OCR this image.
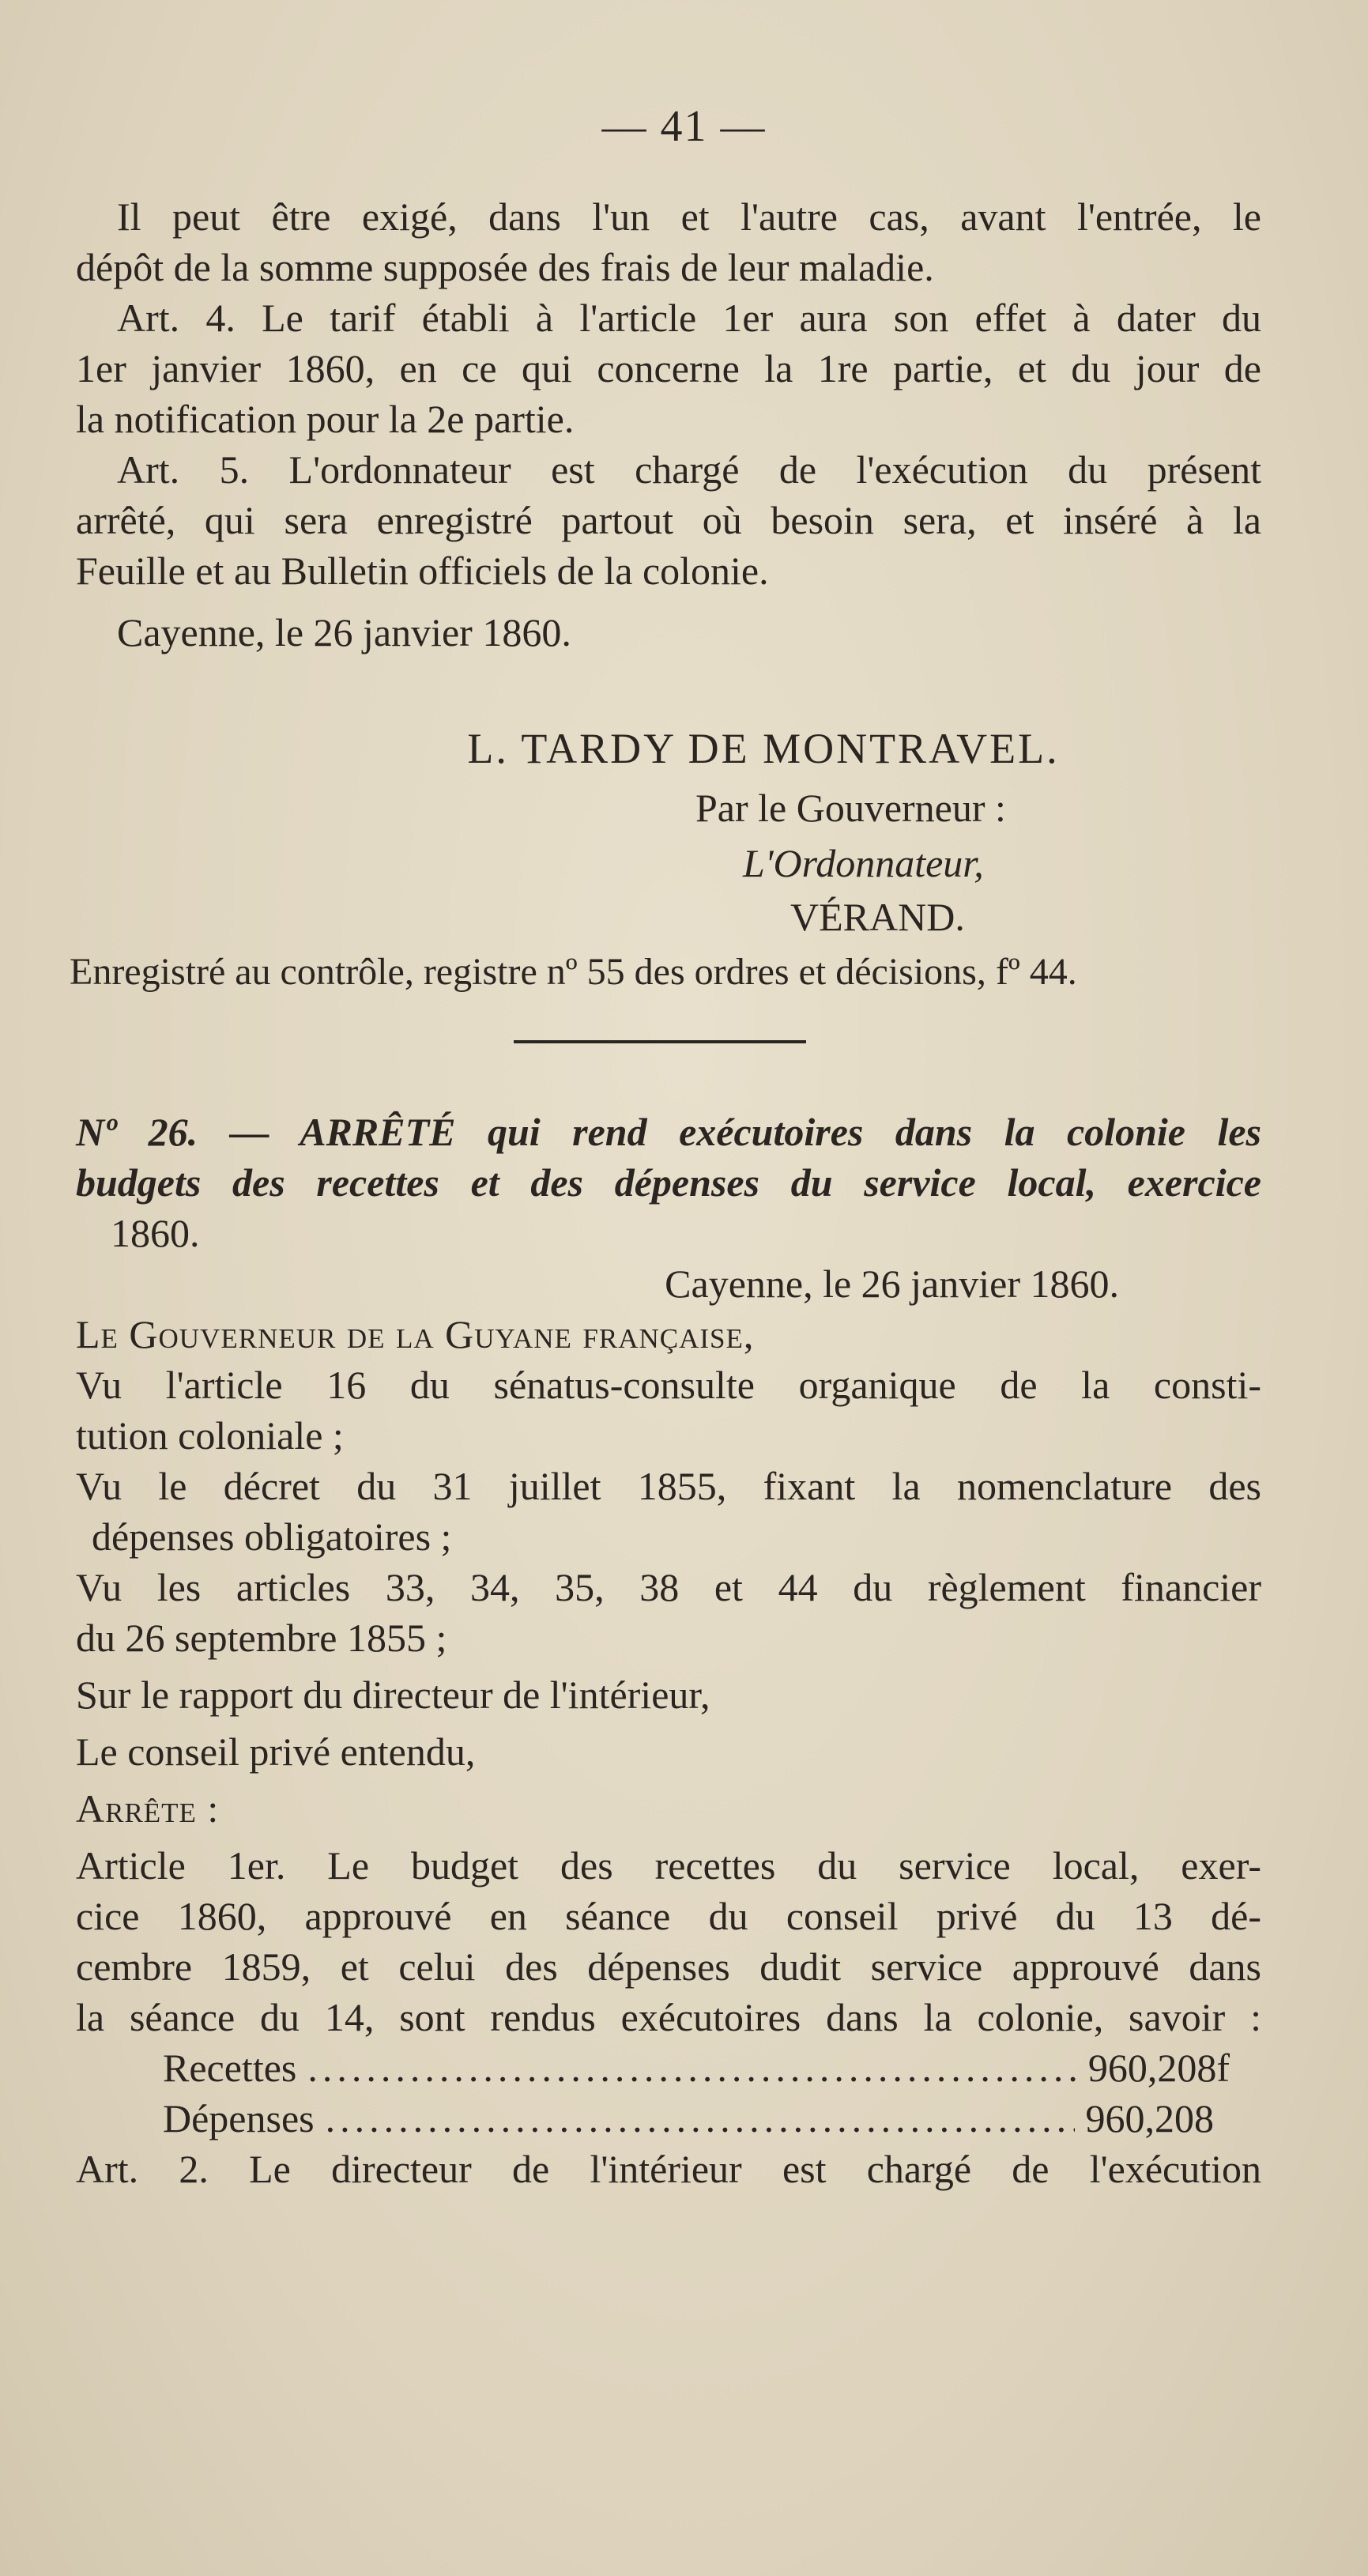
— 41 —
Il peut être exigé, dans l'un et l'autre cas, avant l'entrée, le
dépôt de la somme supposée des frais de leur maladie.
Art. 4. Le tarif établi à l'article 1er aura son effet à dater du
1er janvier 1860, en ce qui concerne la 1re partie, et du jour de
la notification pour la 2e partie.
Art. 5. L'ordonnateur est chargé de l'exécution du présent
arrêté, qui sera enregistré partout où besoin sera, et inséré à la
Feuille et au Bulletin officiels de la colonie.
Cayenne, le 26 janvier 1860.
L. TARDY DE MONTRAVEL.
Par le Gouverneur :
L'Ordonnateur,
VÉRAND.
Enregistré au contrôle, registre nº 55 des ordres et décisions, fº 44.
Nº 26. — ARRÊTÉ qui rend exécutoires dans la colonie les
budgets des recettes et des dépenses du service local, exercice
1860.
Cayenne, le 26 janvier 1860.
Le Gouverneur de la Guyane française,
Vu l'article 16 du sénatus-consulte organique de la consti-
tution coloniale ;
Vu le décret du 31 juillet 1855, fixant la nomenclature des
dépenses obligatoires ;
Vu les articles 33, 34, 35, 38 et 44 du règlement financier
du 26 septembre 1855 ;
Sur le rapport du directeur de l'intérieur,
Le conseil privé entendu,
Arrête :
Article 1er. Le budget des recettes du service local, exer-
cice 1860, approuvé en séance du conseil privé du 13 dé-
cembre 1859, et celui des dépenses dudit service approuvé dans
la séance du 14, sont rendus exécutoires dans la colonie, savoir :
Recettes .....	960,208f
Dépenses .....	960,208
Art. 2. Le directeur de l'intérieur est chargé de l'exécution
